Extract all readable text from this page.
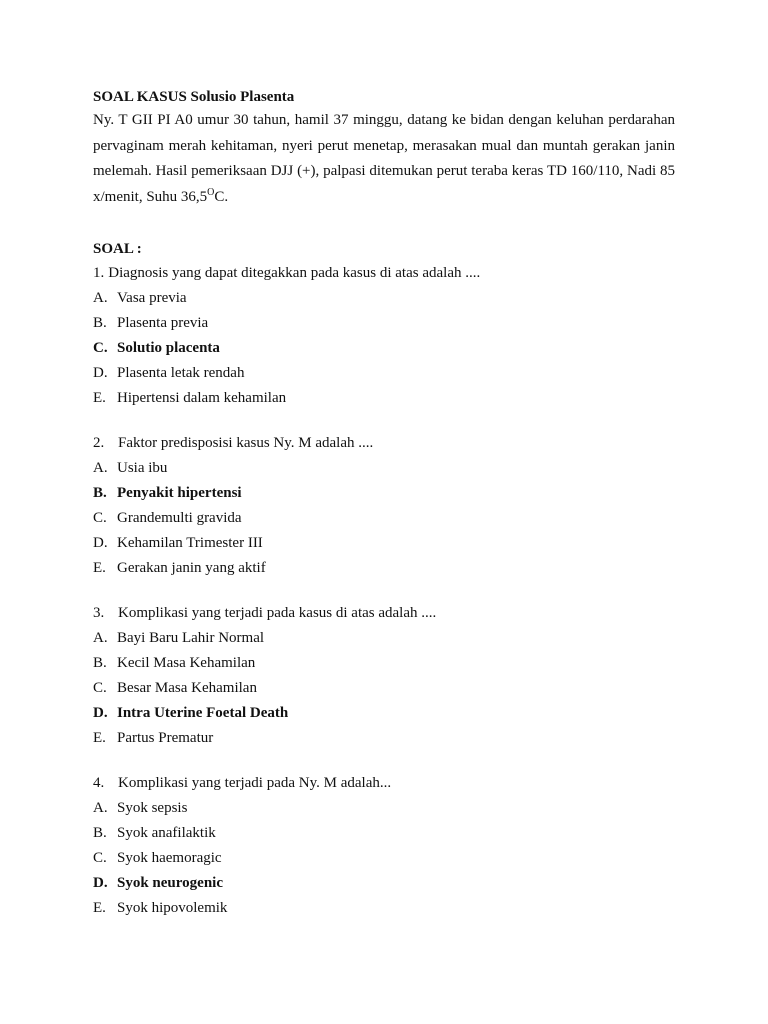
SOAL KASUS Solusio Plasenta

Ny. T GII PI A0 umur 30 tahun, hamil 37 minggu, datang ke bidan dengan keluhan perdarahan pervaginam merah kehitaman, nyeri perut menetap, merasakan mual dan muntah gerakan janin melemah. Hasil pemeriksaan DJJ (+), palpasi ditemukan perut teraba keras TD 160/110, Nadi 85 x/menit, Suhu $36,5^OC$.

SOAL :
1. Diagnosis yang dapat ditegakkan pada kasus di atas adalah ....
A. Vasa previa
B. Plasenta previa
C. Solutio placenta
D. Plasenta letak rendah
E. Hipertensi dalam kehamilan
2. Faktor predisposisi kasus Ny. M adalah ....
A. Usia ibu
B. Penyakit hipertensi
C. Grandemulti gravida
D. Kehamilan Trimester III
E. Gerakan janin yang aktif
3. Komplikasi yang terjadi pada kasus di atas adalah ....
A. Bayi Baru Lahir Normal
B. Kecil Masa Kehamilan
C. Besar Masa Kehamilan
D. Intra Uterine Foetal Death
E. Partus Prematur
4. Komplikasi yang terjadi pada Ny. M adalah...
A. Syok sepsis
B. Syok anafilaktik
C. Syok haemoragic
D. Syok neurogenic
E. Syok hipovolemik
